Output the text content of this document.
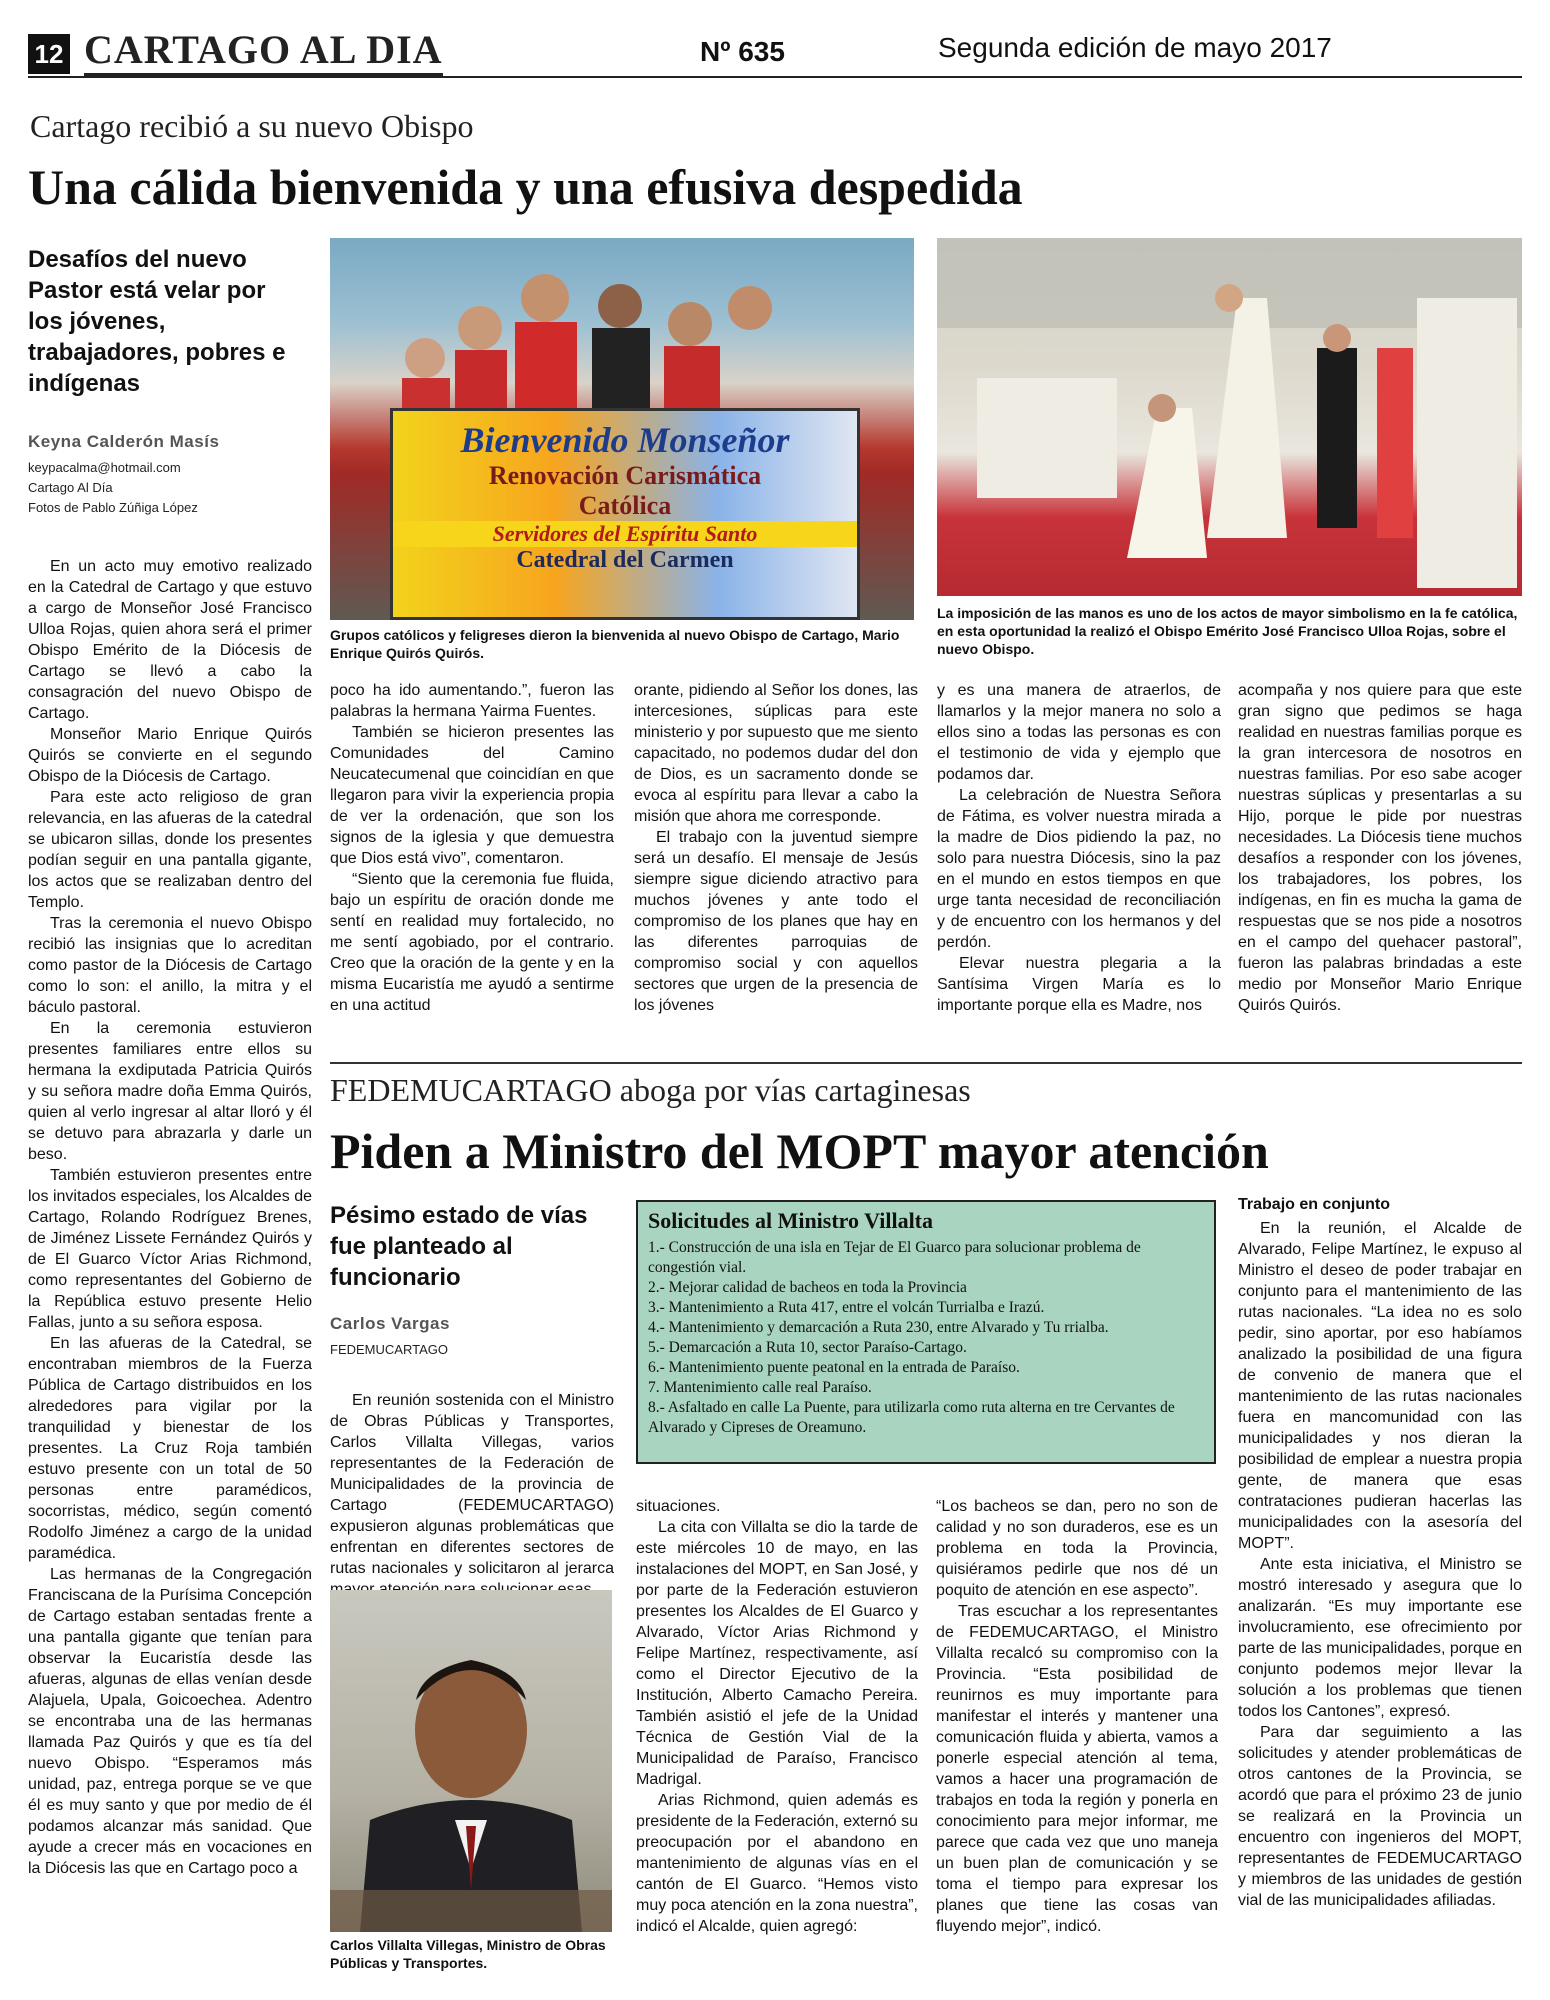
12 CARTAGO AL DIA	Nº 635	Segunda edición de mayo 2017
Cartago recibió a su nuevo Obispo
Una cálida bienvenida y una efusiva despedida
Desafíos del nuevo Pastor está velar por los jóvenes, trabajadores, pobres e indígenas
Keyna Calderón Masís
keypacalma@hotmail.com
Cartago Al Día
Fotos de Pablo Zúñiga López
Bienvenido Monseñor
Renovación Carismática
Católica
Servidores del Espíritu Santo
Catedral del Carmen
Grupos católicos y feligreses dieron la bienvenida al nuevo Obispo de Cartago, Mario Enrique Quirós Quirós.
La imposición de las manos es uno de los actos de mayor simbolismo en la fe católica, en esta oportunidad la realizó el Obispo Emérito José Francisco Ulloa Rojas, sobre el nuevo Obispo.

En un acto muy emotivo realizado en la Catedral de Cartago y que estuvo a cargo de Monseñor José Francisco Ulloa Rojas, quien ahora será el primer Obispo Emérito de la Diócesis de Cartago se llevó a cabo la consagración del nuevo Obispo de Cartago.

Monseñor Mario Enrique Quirós Quirós se convierte en el segundo Obispo de la Diócesis de Cartago.

Para este acto religioso de gran relevancia, en las afueras de la catedral se ubicaron sillas, donde los presentes podían seguir en una pantalla gigante, los actos que se realizaban dentro del Templo.

Tras la ceremonia el nuevo Obispo recibió las insignias que lo acreditan como pastor de la Diócesis de Cartago como lo son: el anillo, la mitra y el báculo pastoral.

En la ceremonia estuvieron presentes familiares entre ellos su hermana la exdiputada Patricia Quirós y su señora madre doña Emma Quirós, quien al verlo ingresar al altar lloró y él se detuvo para abrazarla y darle un beso.

También estuvieron presentes entre los invitados especiales, los Alcaldes de Cartago, Rolando Rodríguez Brenes, de Jiménez Lissete Fernández Quirós y de El Guarco Víctor Arias Richmond, como representantes del Gobierno de la República estuvo presente Helio Fallas, junto a su señora esposa.

En las afueras de la Catedral, se encontraban miembros de la Fuerza Pública de Cartago distribuidos en los alrededores para vigilar por la tranquilidad y bienestar de los presentes. La Cruz Roja también estuvo presente con un total de 50 personas entre paramédicos, socorristas, médico, según comentó Rodolfo Jiménez a cargo de la unidad paramédica.

Las hermanas de la Congregación Franciscana de la Purísima Concepción de Cartago estaban sentadas frente a una pantalla gigante que tenían para observar la Eucaristía desde las afueras, algunas de ellas venían desde Alajuela, Upala, Goicoechea. Adentro se encontraba una de las hermanas llamada Paz Quirós y que es tía del nuevo Obispo. “Esperamos más unidad, paz, entrega porque se ve que él es muy santo y que por medio de él podamos alcanzar más sanidad. Que ayude a crecer más en vocaciones en la Diócesis las que en Cartago poco a

poco ha ido aumentando.”, fueron las palabras la hermana Yairma Fuentes.

También se hicieron presentes las Comunidades del Camino Neucatecumenal que coincidían en que llegaron para vivir la experiencia propia de ver la ordenación, que son los signos de la iglesia y que demuestra que Dios está vivo”, comentaron.

“Siento que la ceremonia fue fluida, bajo un espíritu de oración donde me sentí en realidad muy fortalecido, no me sentí agobiado, por el contrario. Creo que la oración de la gente y en la misma Eucaristía me ayudó a sentirme en una actitud

orante, pidiendo al Señor los dones, las intercesiones, súplicas para este ministerio y por supuesto que me siento capacitado, no podemos dudar del don de Dios, es un sacramento donde se evoca al espíritu para llevar a cabo la misión que ahora me corresponde.

El trabajo con la juventud siempre será un desafío. El mensaje de Jesús siempre sigue diciendo atractivo para muchos jóvenes y ante todo el compromiso de los planes que hay en las diferentes parroquias de compromiso social y con aquellos sectores que urgen de la presencia de los jóvenes

y es una manera de atraerlos, de llamarlos y la mejor manera no solo a ellos sino a todas las personas es con el testimonio de vida y ejemplo que podamos dar.

La celebración de Nuestra Señora de Fátima, es volver nuestra mirada a la madre de Dios pidiendo la paz, no solo para nuestra Diócesis, sino la paz en el mundo en estos tiempos en que urge tanta necesidad de reconciliación y de encuentro con los hermanos y del perdón.

Elevar nuestra plegaria a la Santísima Virgen María es lo importante porque ella es Madre, nos

acompaña y nos quiere para que este gran signo que pedimos se haga realidad en nuestras familias porque es la gran intercesora de nosotros en nuestras familias. Por eso sabe acoger nuestras súplicas y presentarlas a su Hijo, porque le pide por nuestras necesidades. La Diócesis tiene muchos desafíos a responder con los jóvenes, los trabajadores, los pobres, los indígenas, en fin es mucha la gama de respuestas que se nos pide a nosotros en el campo del quehacer pastoral”, fueron las palabras brindadas a este medio por Monseñor Mario Enrique Quirós Quirós.

FEDEMUCARTAGO aboga por vías cartaginesas
Piden a Ministro del MOPT mayor atención
Pésimo estado de vías fue planteado al funcionario
Carlos Vargas
FEDEMUCARTAGO

En reunión sostenida con el Ministro de Obras Públicas y Transportes, Carlos Villalta Villegas, varios representantes de la Federación de Municipalidades de la provincia de Cartago (FEDEMUCARTAGO) expusieron algunas problemáticas que enfrentan en diferentes sectores de rutas nacionales y solicitaron al jerarca

Carlos Villalta Villegas, Ministro de Obras Públicas y Transportes.
Solicitudes al Ministro Villalta
1.- Construcción de una isla en Tejar de El Guarco para solucionar problema de congestión vial.
2.- Mejorar calidad de bacheos en toda la Provincia
3.- Mantenimiento a Ruta 417, entre el volcán Turrialba e Irazú.
4.- Mantenimiento y demarcación a Ruta 230, entre Alvarado y Tu rrialba.
5.- Demarcación a Ruta 10, sector Paraíso-Cartago.
6.- Mantenimiento puente peatonal en la entrada de Paraíso.
7. Mantenimiento calle real Paraíso.
8.- Asfaltado en calle La Puente, para utilizarla como ruta alterna en tre Cervantes de Alvarado y Cipreses de Oreamuno.

situaciones.

La cita con Villalta se dio la tarde de este miércoles 10 de mayo, en las instalaciones del MOPT, en San José, y por parte de la Federación estuvieron presentes los Alcaldes de El Guarco y Alvarado, Víctor Arias Richmond y Felipe Martínez, respectivamente, así como el Director Ejecutivo de la Institución, Alberto Camacho Pereira. También asistió el jefe de la Unidad Técnica de Gestión Vial de la Municipalidad de Paraíso, Francisco Madrigal.

Arias Richmond, quien además es presidente de la Federación, externó su preocupación por el abandono en mantenimiento de algunas vías en el cantón de El Guarco. “Hemos visto muy poca atención en la zona nuestra”, indicó el Alcalde, quien agregó:

“Los bacheos se dan, pero no son de calidad y no son duraderos, ese es un problema en toda la Provincia, quisiéramos pedirle que nos dé un poquito de atención en ese aspecto”.

Tras escuchar a los representantes de FEDEMUCARTAGO, el Ministro Villalta recalcó su compromiso con la Provincia. “Esta posibilidad de reunirnos es muy importante para manifestar el interés y mantener una comunicación fluida y abierta, vamos a ponerle especial atención al tema, vamos a hacer una programación de trabajos en toda la región y ponerla en conocimiento para mejor informar, me parece que cada vez que uno maneja un buen plan de comunicación y se toma el tiempo para expresar los planes que tiene las cosas van fluyendo mejor”, indicó.

Trabajo en conjunto

En la reunión, el Alcalde de Alvarado, Felipe Martínez, le expuso al Ministro el deseo de poder trabajar en conjunto para el mantenimiento de las rutas nacionales. “La idea no es solo pedir, sino aportar, por eso habíamos analizado la posibilidad de una figura de convenio de manera que el mantenimiento de las rutas nacionales fuera en mancomunidad con las municipalidades y nos dieran la posibilidad de emplear a nuestra propia gente, de manera que esas contrataciones pudieran hacerlas las municipalidades con la asesoría del MOPT”.

Ante esta iniciativa, el Ministro se mostró interesado y asegura que lo analizarán. “Es muy importante ese involucramiento, ese ofrecimiento por parte de las municipalidades, porque en conjunto podemos mejor llevar la solución a los problemas que tienen todos los Cantones”, expresó.

Para dar seguimiento a las solicitudes y atender problemáticas de otros cantones de la Provincia, se acordó que para el próximo 23 de junio se realizará en la Provincia un encuentro con ingenieros del MOPT, representantes de FEDEMUCARTAGO y miembros de las unidades de gestión vial de las municipalidades afiliadas.
